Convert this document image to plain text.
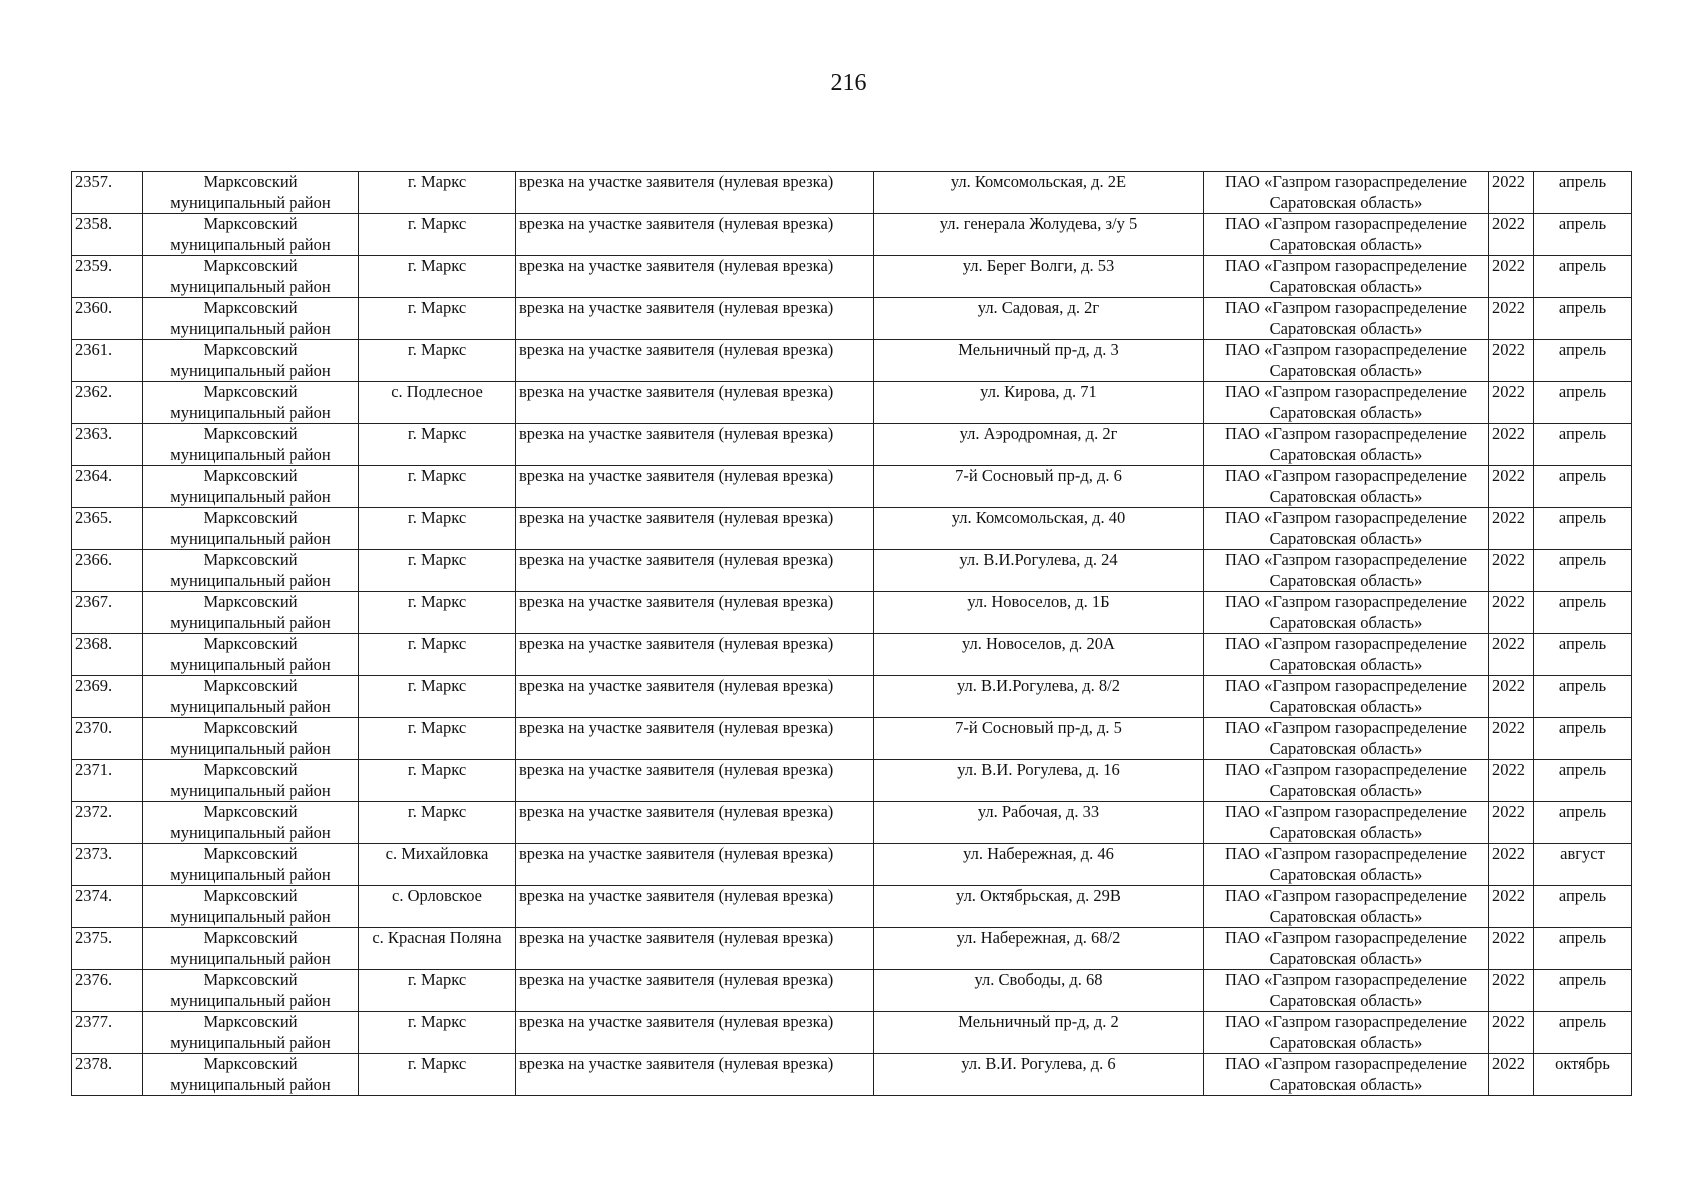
216
2357.	Марксовский муниципальный район	г. Маркс	врезка на участке заявителя (нулевая врезка)	ул. Комсомольская, д. 2Е	ПАО «Газпром газораспределение Саратовская область»	2022	апрель
2358.	Марксовский муниципальный район	г. Маркс	врезка на участке заявителя (нулевая врезка)	ул. генерала Жолудева, з/у 5	ПАО «Газпром газораспределение Саратовская область»	2022	апрель
2359.	Марксовский муниципальный район	г. Маркс	врезка на участке заявителя (нулевая врезка)	ул. Берег Волги, д. 53	ПАО «Газпром газораспределение Саратовская область»	2022	апрель
2360.	Марксовский муниципальный район	г. Маркс	врезка на участке заявителя (нулевая врезка)	ул. Садовая, д. 2г	ПАО «Газпром газораспределение Саратовская область»	2022	апрель
2361.	Марксовский муниципальный район	г. Маркс	врезка на участке заявителя (нулевая врезка)	Мельничный пр-д, д. 3	ПАО «Газпром газораспределение Саратовская область»	2022	апрель
2362.	Марксовский муниципальный район	с. Подлесное	врезка на участке заявителя (нулевая врезка)	ул. Кирова, д. 71	ПАО «Газпром газораспределение Саратовская область»	2022	апрель
2363.	Марксовский муниципальный район	г. Маркс	врезка на участке заявителя (нулевая врезка)	ул. Аэродромная, д. 2г	ПАО «Газпром газораспределение Саратовская область»	2022	апрель
2364.	Марксовский муниципальный район	г. Маркс	врезка на участке заявителя (нулевая врезка)	7-й Сосновый пр-д, д. 6	ПАО «Газпром газораспределение Саратовская область»	2022	апрель
2365.	Марксовский муниципальный район	г. Маркс	врезка на участке заявителя (нулевая врезка)	ул. Комсомольская, д. 40	ПАО «Газпром газораспределение Саратовская область»	2022	апрель
2366.	Марксовский муниципальный район	г. Маркс	врезка на участке заявителя (нулевая врезка)	ул. В.И.Рогулева, д. 24	ПАО «Газпром газораспределение Саратовская область»	2022	апрель
2367.	Марксовский муниципальный район	г. Маркс	врезка на участке заявителя (нулевая врезка)	ул. Новоселов, д. 1Б	ПАО «Газпром газораспределение Саратовская область»	2022	апрель
2368.	Марксовский муниципальный район	г. Маркс	врезка на участке заявителя (нулевая врезка)	ул. Новоселов, д. 20А	ПАО «Газпром газораспределение Саратовская область»	2022	апрель
2369.	Марксовский муниципальный район	г. Маркс	врезка на участке заявителя (нулевая врезка)	ул. В.И.Рогулева, д. 8/2	ПАО «Газпром газораспределение Саратовская область»	2022	апрель
2370.	Марксовский муниципальный район	г. Маркс	врезка на участке заявителя (нулевая врезка)	7-й Сосновый пр-д, д. 5	ПАО «Газпром газораспределение Саратовская область»	2022	апрель
2371.	Марксовский муниципальный район	г. Маркс	врезка на участке заявителя (нулевая врезка)	ул. В.И. Рогулева, д. 16	ПАО «Газпром газораспределение Саратовская область»	2022	апрель
2372.	Марксовский муниципальный район	г. Маркс	врезка на участке заявителя (нулевая врезка)	ул. Рабочая, д. 33	ПАО «Газпром газораспределение Саратовская область»	2022	апрель
2373.	Марксовский муниципальный район	с. Михайловка	врезка на участке заявителя (нулевая врезка)	ул. Набережная, д. 46	ПАО «Газпром газораспределение Саратовская область»	2022	август
2374.	Марксовский муниципальный район	с. Орловское	врезка на участке заявителя (нулевая врезка)	ул. Октябрьская, д. 29В	ПАО «Газпром газораспределение Саратовская область»	2022	апрель
2375.	Марксовский муниципальный район	с. Красная Поляна	врезка на участке заявителя (нулевая врезка)	ул. Набережная, д. 68/2	ПАО «Газпром газораспределение Саратовская область»	2022	апрель
2376.	Марксовский муниципальный район	г. Маркс	врезка на участке заявителя (нулевая врезка)	ул. Свободы, д. 68	ПАО «Газпром газораспределение Саратовская область»	2022	апрель
2377.	Марксовский муниципальный район	г. Маркс	врезка на участке заявителя (нулевая врезка)	Мельничный пр-д, д. 2	ПАО «Газпром газораспределение Саратовская область»	2022	апрель
2378.	Марксовский муниципальный район	г. Маркс	врезка на участке заявителя (нулевая врезка)	ул. В.И. Рогулева, д. 6	ПАО «Газпром газораспределение Саратовская область»	2022	октябрь
